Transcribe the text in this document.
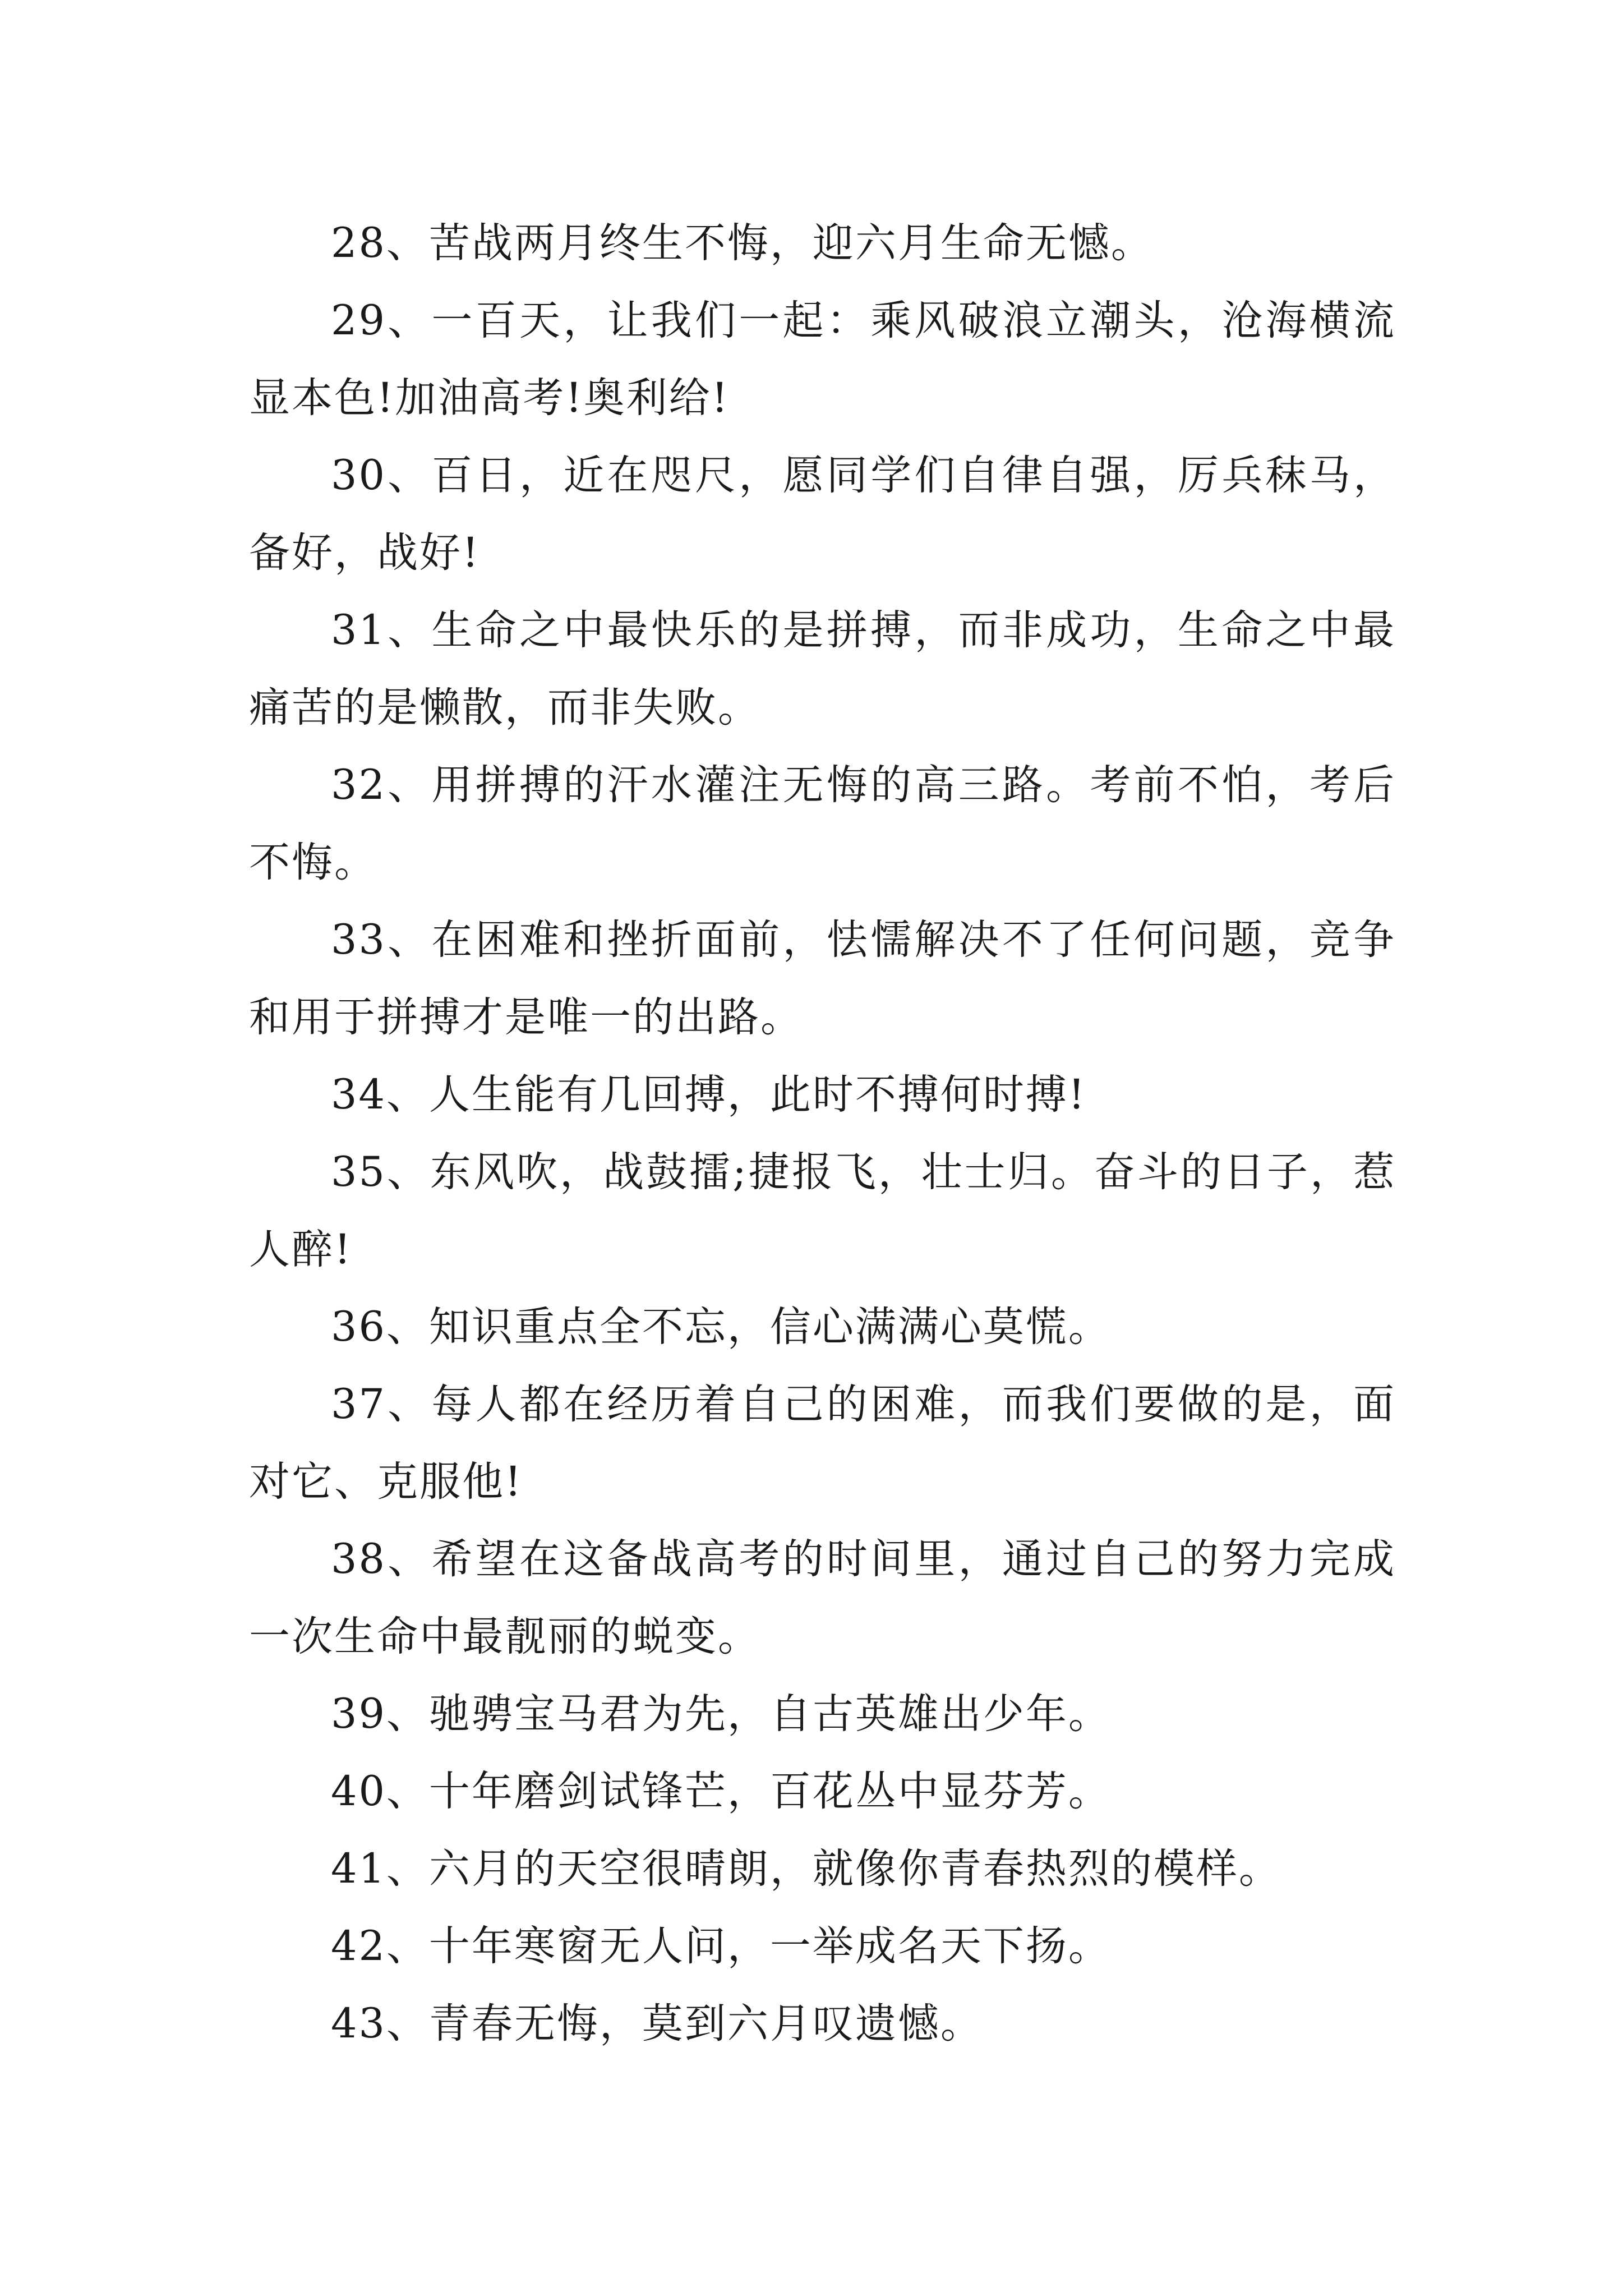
28、苦战两月终生不悔，迎六月生命无憾。

29、一百天，让我们一起：乘风破浪立潮头，沧海横流显本色!加油高考!奥利给!

30、百日，近在咫尺，愿同学们自律自强，厉兵秣马，备好，战好!

31、生命之中最快乐的是拼搏，而非成功，生命之中最痛苦的是懒散，而非失败。

32、用拼搏的汗水灌注无悔的高三路。考前不怕，考后不悔。

33、在困难和挫折面前，怯懦解决不了任何问题，竞争和用于拼搏才是唯一的出路。

34、人生能有几回搏，此时不搏何时搏!

35、东风吹，战鼓擂;捷报飞，壮士归。奋斗的日子，惹人醉!

36、知识重点全不忘，信心满满心莫慌。

37、每人都在经历着自己的困难，而我们要做的是，面对它、克服他!

38、希望在这备战高考的时间里，通过自己的努力完成一次生命中最靓丽的蜕变。

39、驰骋宝马君为先，自古英雄出少年。

40、十年磨剑试锋芒，百花丛中显芬芳。

41、六月的天空很晴朗，就像你青春热烈的模样。

42、十年寒窗无人问，一举成名天下扬。

43、青春无悔，莫到六月叹遗憾。
